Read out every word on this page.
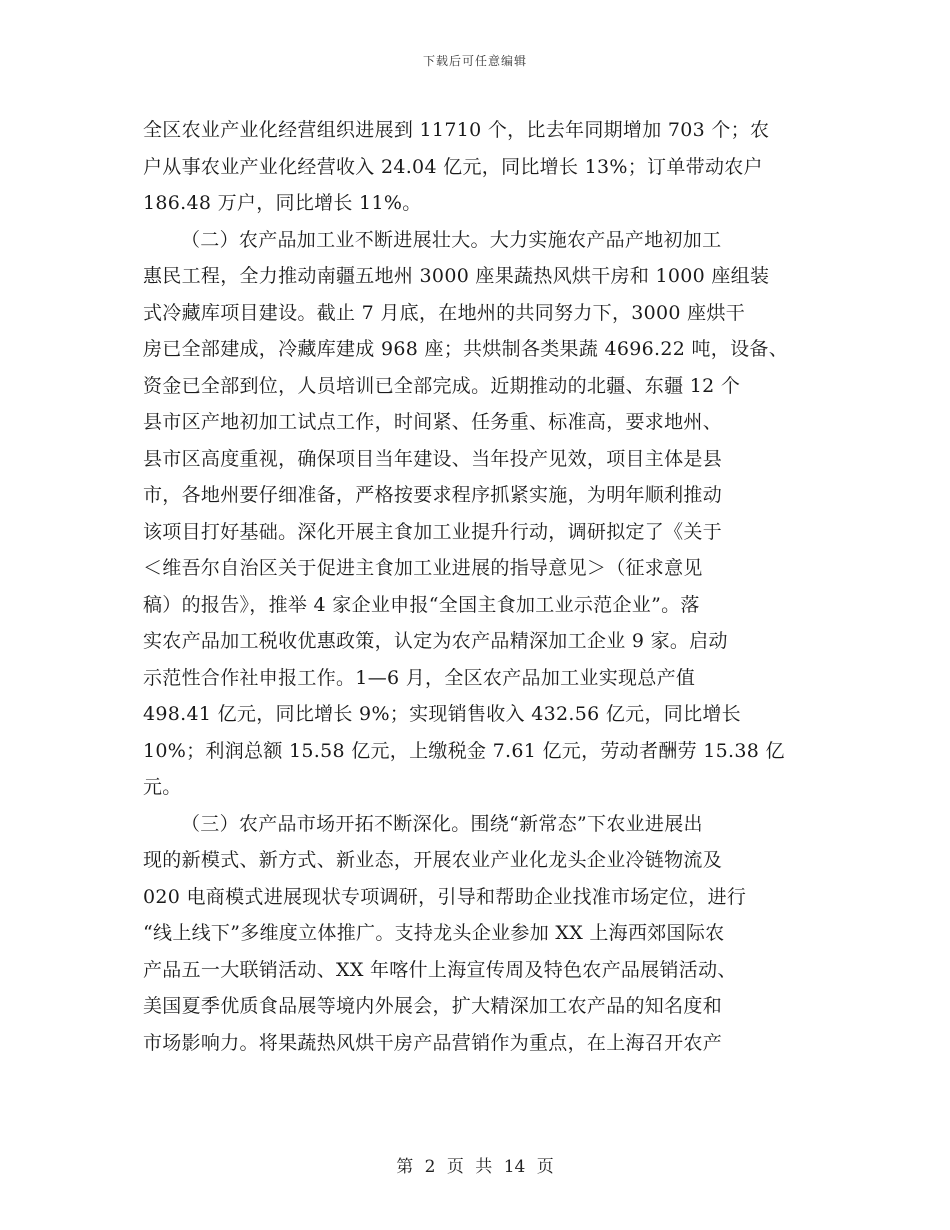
下载后可任意编辑
全区农业产业化经营组织进展到 11710 个，比去年同期增加 703 个；农
户从事农业产业化经营收入 24.04 亿元，同比增长 13%；订单带动农户
186.48 万户，同比增长 11%。
（二）农产品加工业不断进展壮大。大力实施农产品产地初加工
惠民工程，全力推动南疆五地州 3000 座果蔬热风烘干房和 1000 座组装
式冷藏库项目建设。截止 7 月底，在地州的共同努力下，3000 座烘干
房已全部建成，冷藏库建成 968 座；共烘制各类果蔬 4696.22 吨，设备、
资金已全部到位，人员培训已全部完成。近期推动的北疆、东疆 12 个
县市区产地初加工试点工作，时间紧、任务重、标准高，要求地州、
县市区高度重视，确保项目当年建设、当年投产见效，项目主体是县
市，各地州要仔细准备，严格按要求程序抓紧实施，为明年顺利推动
该项目打好基础。深化开展主食加工业提升行动，调研拟定了《关于
＜维吾尔自治区关于促进主食加工业进展的指导意见＞（征求意见
稿）的报告》，推举 4 家企业申报“全国主食加工业示范企业”。落
实农产品加工税收优惠政策，认定为农产品精深加工企业 9 家。启动
示范性合作社申报工作。1—6 月，全区农产品加工业实现总产值
498.41 亿元，同比增长 9%；实现销售收入 432.56 亿元，同比增长
10%；利润总额 15.58 亿元，上缴税金 7.61 亿元，劳动者酬劳 15.38 亿
元。
（三）农产品市场开拓不断深化。围绕“新常态”下农业进展出
现的新模式、新方式、新业态，开展农业产业化龙头企业冷链物流及
020 电商模式进展现状专项调研，引导和帮助企业找准市场定位，进行
“线上线下”多维度立体推广。支持龙头企业参加 XX 上海西郊国际农
产品五一大联销活动、XX 年喀什上海宣传周及特色农产品展销活动、
美国夏季优质食品展等境内外展会，扩大精深加工农产品的知名度和
市场影响力。将果蔬热风烘干房产品营销作为重点，在上海召开农产
第 2 页 共 14 页
